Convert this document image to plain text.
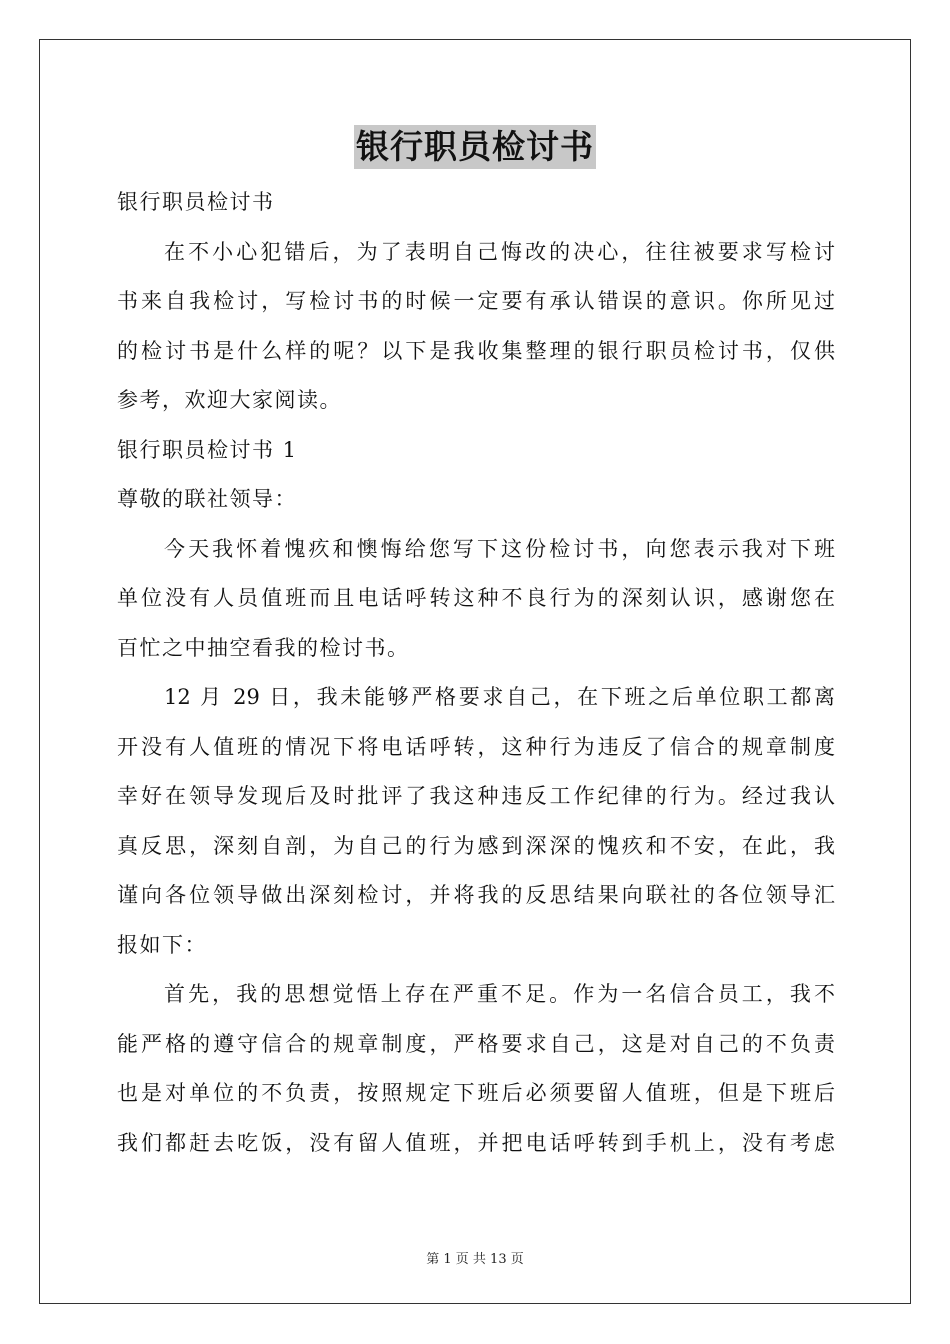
银行职员检讨书
银行职员检讨书
在不小心犯错后，为了表明自己悔改的决心，往往被要求写检讨
书来自我检讨，写检讨书的时候一定要有承认错误的意识。你所见过
的检讨书是什么样的呢？以下是我收集整理的银行职员检讨书，仅供
参考，欢迎大家阅读。
银行职员检讨书 1
尊敬的联社领导：
今天我怀着愧疚和懊悔给您写下这份检讨书，向您表示我对下班
单位没有人员值班而且电话呼转这种不良行为的深刻认识，感谢您在
百忙之中抽空看我的检讨书。
12 月 29 日，我未能够严格要求自己，在下班之后单位职工都离
开没有人值班的情况下将电话呼转，这种行为违反了信合的规章制度
幸好在领导发现后及时批评了我这种违反工作纪律的行为。经过我认
真反思，深刻自剖，为自己的行为感到深深的愧疚和不安，在此，我
谨向各位领导做出深刻检讨，并将我的反思结果向联社的各位领导汇
报如下：
首先，我的思想觉悟上存在严重不足。作为一名信合员工，我不
能严格的遵守信合的规章制度，严格要求自己，这是对自己的不负责
也是对单位的不负责，按照规定下班后必须要留人值班，但是下班后
我们都赶去吃饭，没有留人值班，并把电话呼转到手机上，没有考虑
第 1 页 共 13 页
